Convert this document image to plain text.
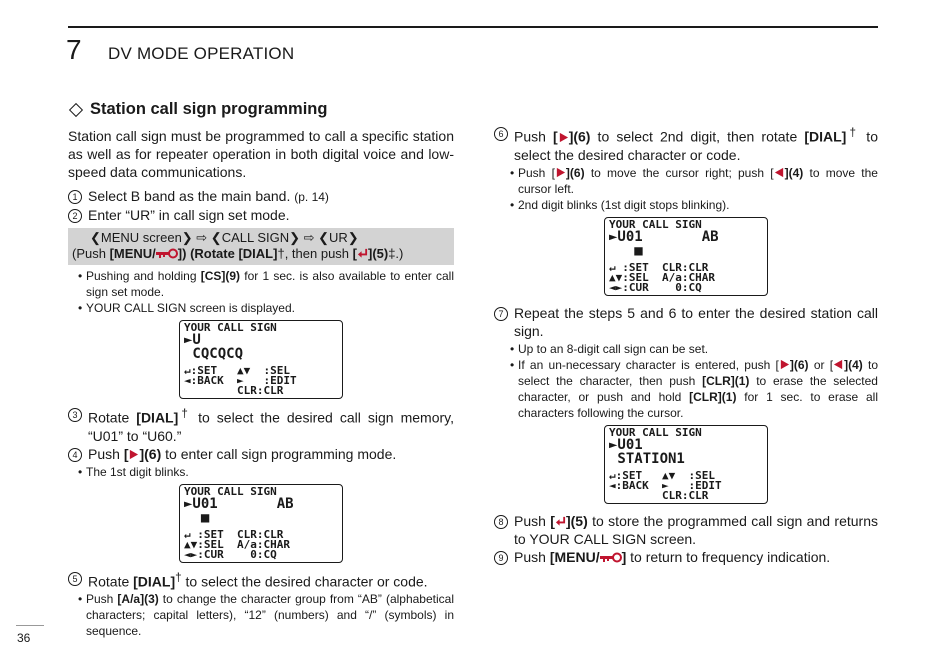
7 DV MODE OPERATION
Station call sign programming

Station call sign must be programmed to call a specific station as well as for repeater operation in both digital voice and low-speed data communications.

1 Select B band as the main band. (p. 14)
2 Enter “UR” in call sign set mode.
❮MENU screen❯ ⇨ ❮CALL SIGN❯ ⇨ ❮UR❯
(Push [MENU/ ]) (Rotate [DIAL]†, then push [ ](5)‡.)
• Pushing and holding [CS](9) for 1 sec. is also available to enter call sign set mode.
• YOUR CALL SIGN screen is displayed.
YOUR CALL SIGN
►U
CQCQCQ
↵:SET   ▲▼  :SEL
◄:BACK  ►   :EDIT
CLR:CLR
3 Rotate [DIAL]† to select the desired call sign memory, “U01” to “U60.”
4 Push [ ](6) to enter call sign programming mode.
• The 1st digit blinks.
YOUR CALL SIGN
►U01       AB
■
↵ :SET  CLR:CLR
▲▼:SEL  A/a:CHAR
◄►:CUR    0:CQ
5 Rotate [DIAL]† to select the desired character or code.
• Push [A/a](3) to change the character group from “AB” (alphabetical characters; capital letters), “12” (numbers) and “/” (symbols) in sequence.
6 Push [ ](6) to select 2nd digit, then rotate [DIAL]† to select the desired character or code.
• Push [ ](6) to move the cursor right; push [ ](4) to move the cursor left.
• 2nd digit blinks (1st digit stops blinking).
YOUR CALL SIGN
►U01       AB
■
↵ :SET  CLR:CLR
▲▼:SEL  A/a:CHAR
◄►:CUR    0:CQ
7 Repeat the steps 5 and 6 to enter the desired station call sign.
• Up to an 8-digit call sign can be set.
• If an un-necessary character is entered, push [ ](6) or [ ](4) to select the character, then push [CLR](1) to erase the selected character, or push and hold [CLR](1) for 1 sec. to erase all characters following the cursor.
YOUR CALL SIGN
►U01
STATION1
↵:SET   ▲▼  :SEL
◄:BACK  ►   :EDIT
CLR:CLR
8 Push [ ](5) to store the programmed call sign and returns to YOUR CALL SIGN screen.
9 Push [MENU/ ] to return to frequency indication.
36
